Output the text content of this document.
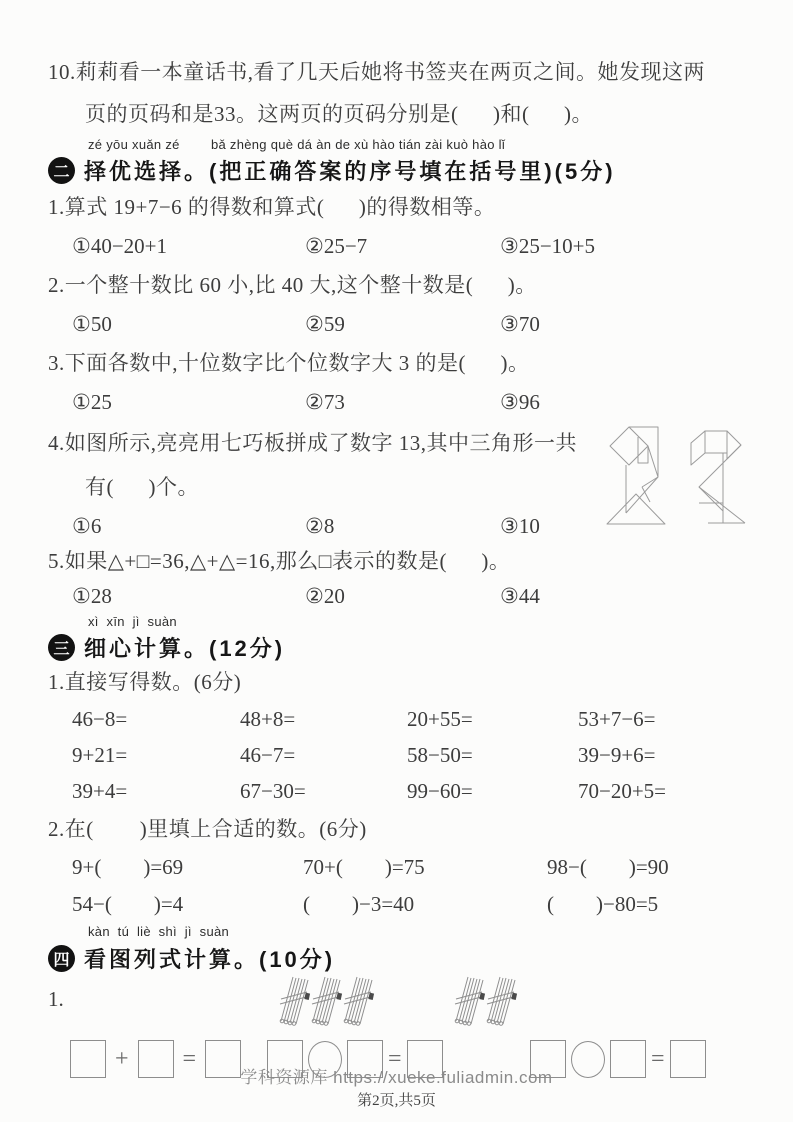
10.莉莉看一本童话书,看了几天后她将书签夹在两页之间。她发现这两
页的页码和是33。这两页的页码分别是(      )和(      )。
zé yōu xuǎn zé        bǎ zhèng què dá àn de xù hào tián zài kuò hào lǐ
二 择优选择。(把正确答案的序号填在括号里)(5分)
1.算式 19+7−6 的得数和算式(      )的得数相等。
①40−20+1	②25−7	③25−10+5
2.一个整十数比 60 小,比 40 大,这个整十数是(      )。
①50	②59	③70
3.下面各数中,十位数字比个位数字大 3 的是(      )。
①25	②73	③96
4.如图所示,亮亮用七巧板拼成了数字 13,其中三角形一共
有(      )个。
①6	②8	③10
5.如果△+□=36,△+△=16,那么□表示的数是(      )。
①28	②20	③44
xì  xīn  jì  suàn
三 细心计算。(12分)
1.直接写得数。(6分)
46−8=	48+8=	20+55=	53+7−6=
9+21=	46−7=	58−50=	39−9+6=
39+4=	67−30=	99−60=	70−20+5=
2.在(        )里填上合适的数。(6分)
9+(        )=69	70+(        )=75	98−(        )=90
54−(        )=4	(        )−3=40	(        )−80=5
kàn  tú  liè  shì  jì  suàn
四 看图列式计算。(10分)
1.
+ =	=	=
学科资源库 https://xueke.fuliadmin.com
第2页,共5页
